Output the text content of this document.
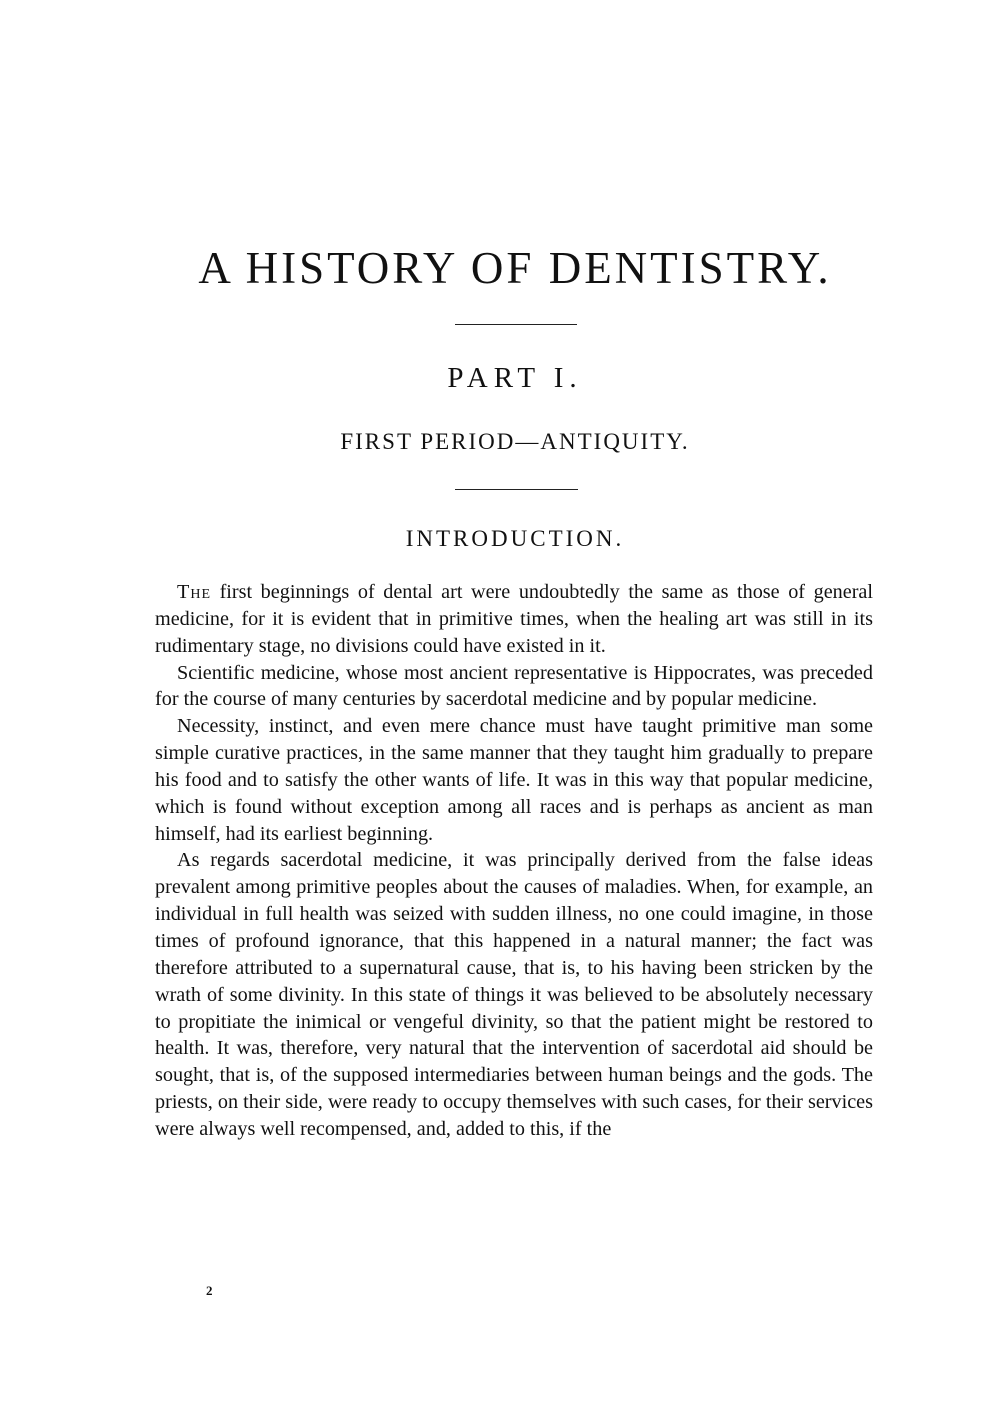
A HISTORY OF DENTISTRY.
PART I.
FIRST PERIOD—ANTIQUITY.
INTRODUCTION.

The first beginnings of dental art were undoubtedly the same as those of general medicine, for it is evident that in primitive times, when the healing art was still in its rudimentary stage, no divisions could have existed in it.

Scientific medicine, whose most ancient representative is Hippocrates, was preceded for the course of many centuries by sacerdotal medicine and by popular medicine.

Necessity, instinct, and even mere chance must have taught primitive man some simple curative practices, in the same manner that they taught him gradually to prepare his food and to satisfy the other wants of life. It was in this way that popular medicine, which is found without exception among all races and is perhaps as ancient as man himself, had its earliest beginning.

As regards sacerdotal medicine, it was principally derived from the false ideas prevalent among primitive peoples about the causes of maladies. When, for example, an individual in full health was seized with sudden illness, no one could imagine, in those times of profound ignorance, that this happened in a natural manner; the fact was therefore attributed to a supernatural cause, that is, to his having been stricken by the wrath of some divinity. In this state of things it was believed to be absolutely necessary to propitiate the inimical or vengeful divinity, so that the patient might be restored to health. It was, therefore, very natural that the intervention of sacerdotal aid should be sought, that is, of the supposed intermediaries between human beings and the gods. The priests, on their side, were ready to occupy themselves with such cases, for their services were always well recompensed, and, added to this, if the

2
